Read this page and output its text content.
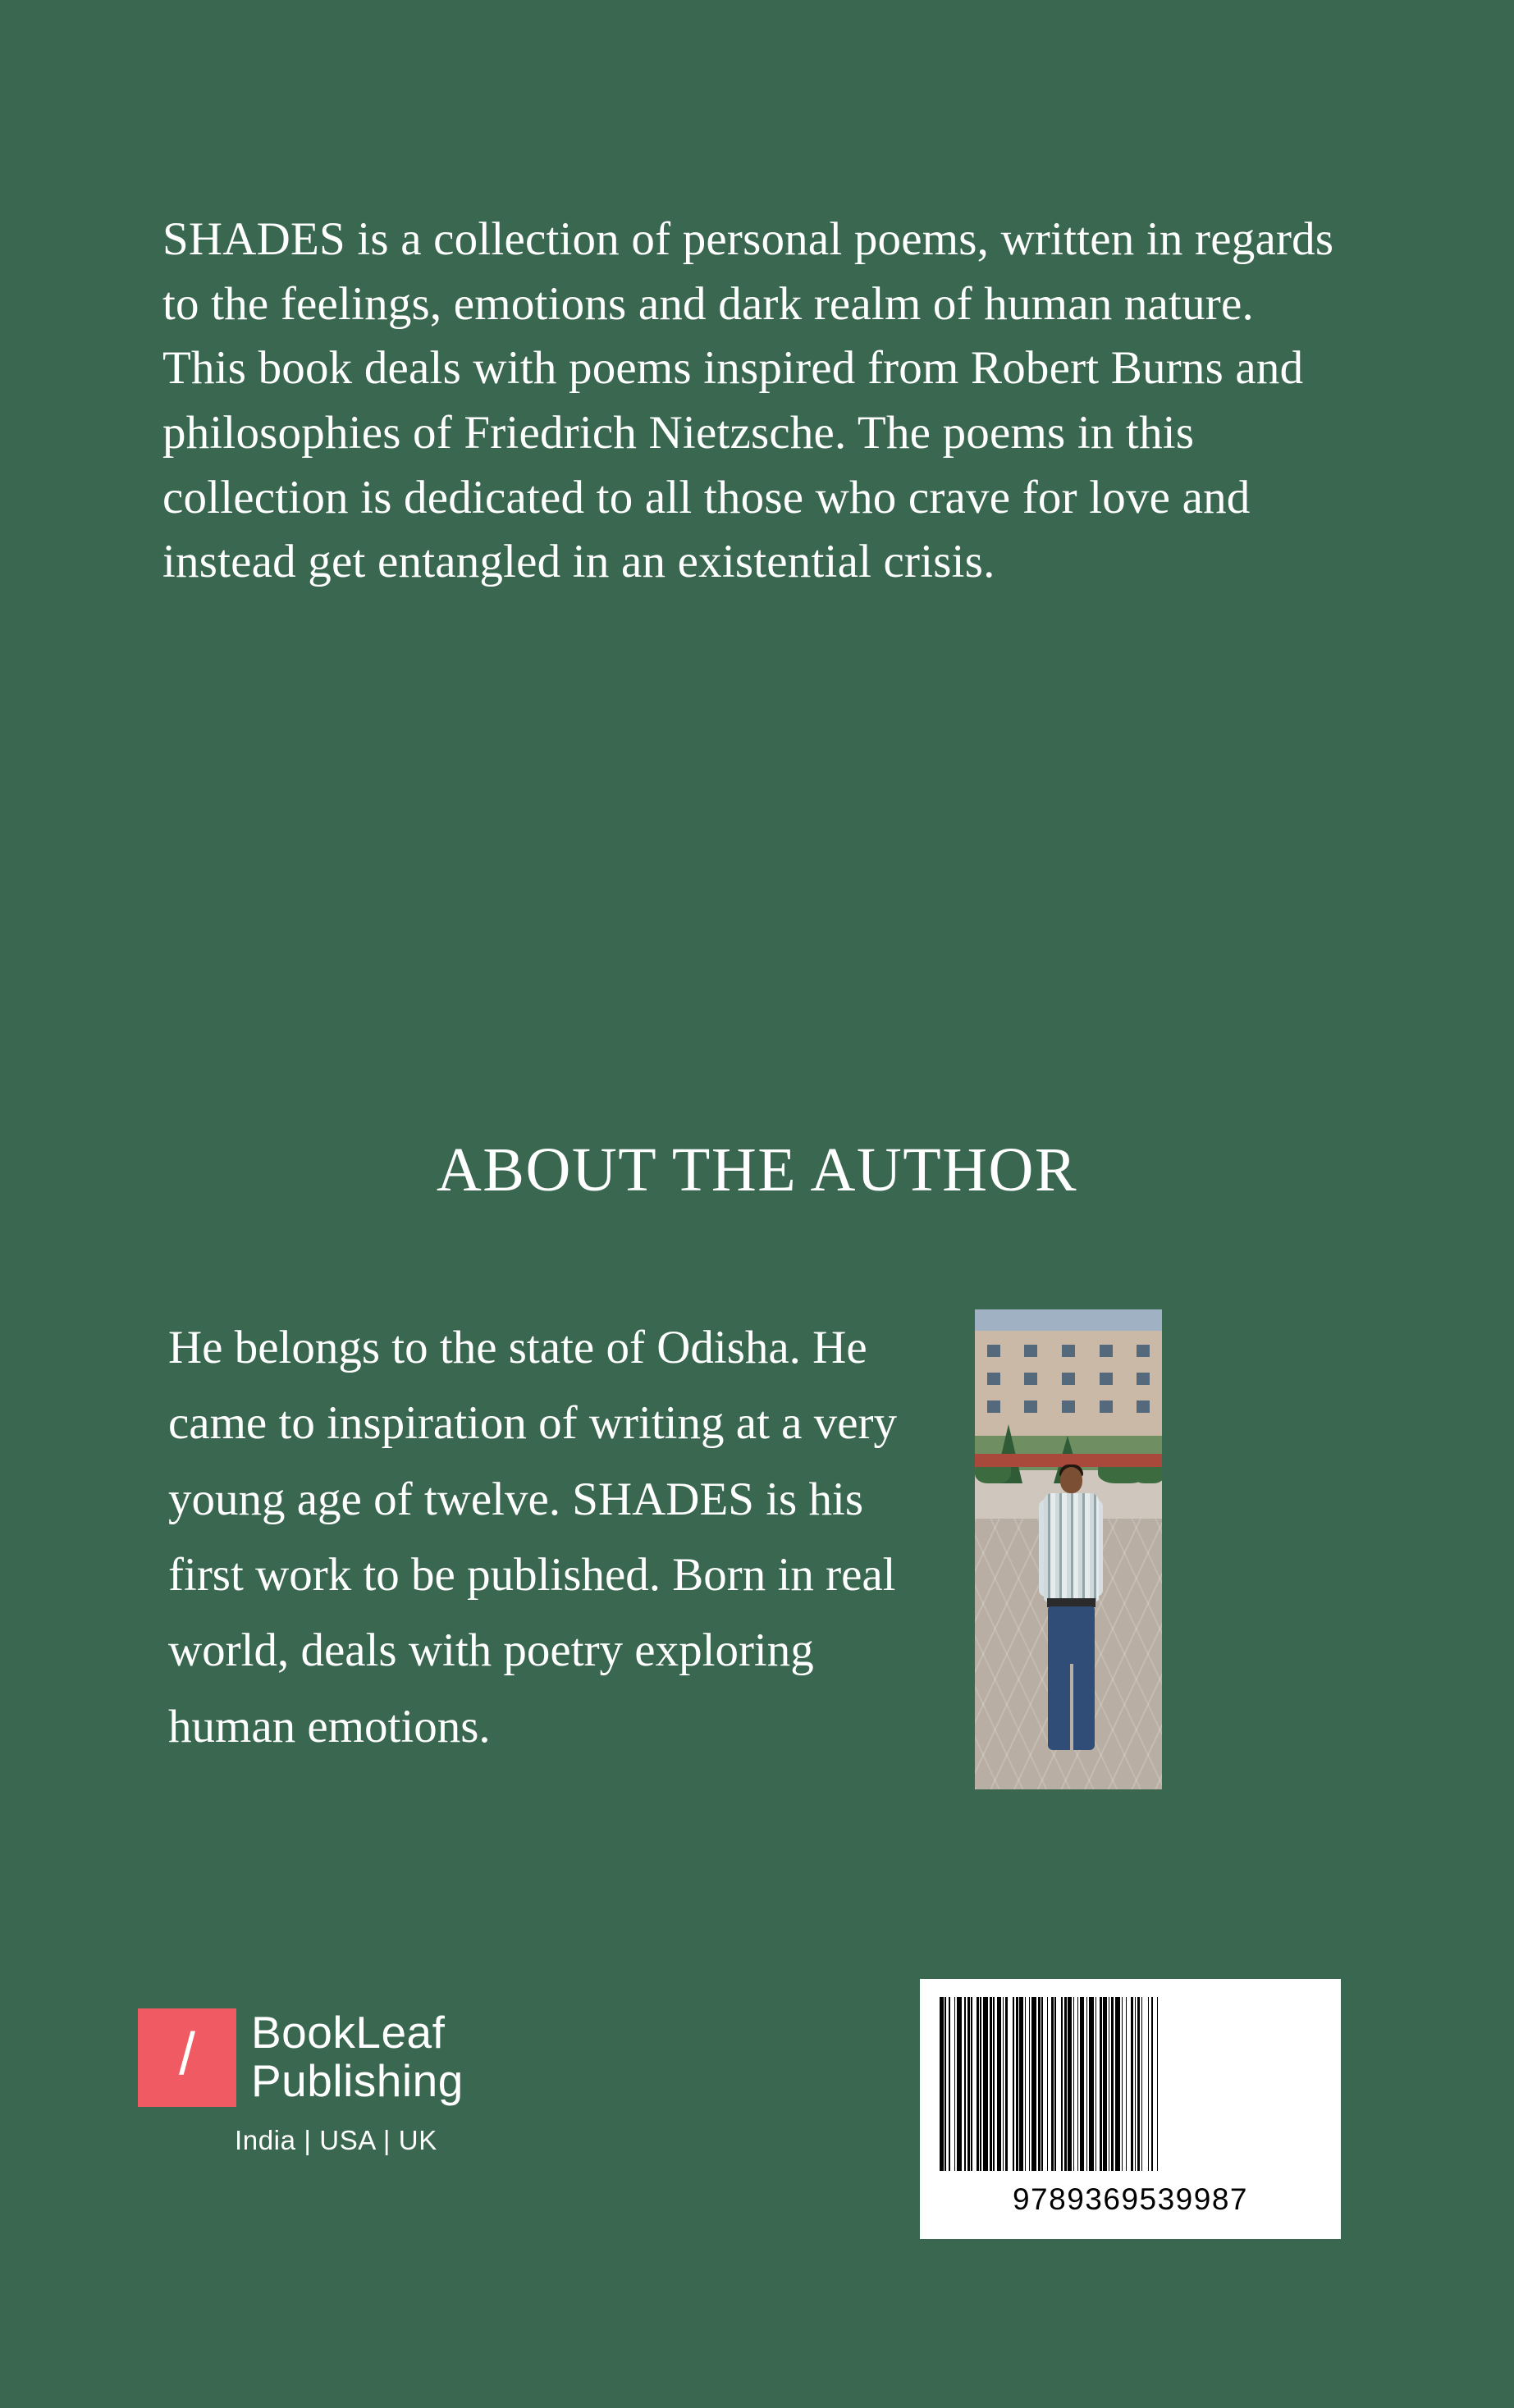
SHADES is a collection of personal poems, written in regards to the feelings, emotions and dark realm of human nature. This book deals with poems inspired from Robert Burns and philosophies of Friedrich Nietzsche. The poems in this collection is dedicated to all those who crave for love and instead get entangled in an existential crisis.

ABOUT THE AUTHOR

He belongs to the state of Odisha. He came to inspiration of writing at a very young age of twelve. SHADES is his first work to be published. Born in real world, deals with poetry exploring human emotions.

/ BookLeaf
Publishing
India | USA | UK
9789369539987
